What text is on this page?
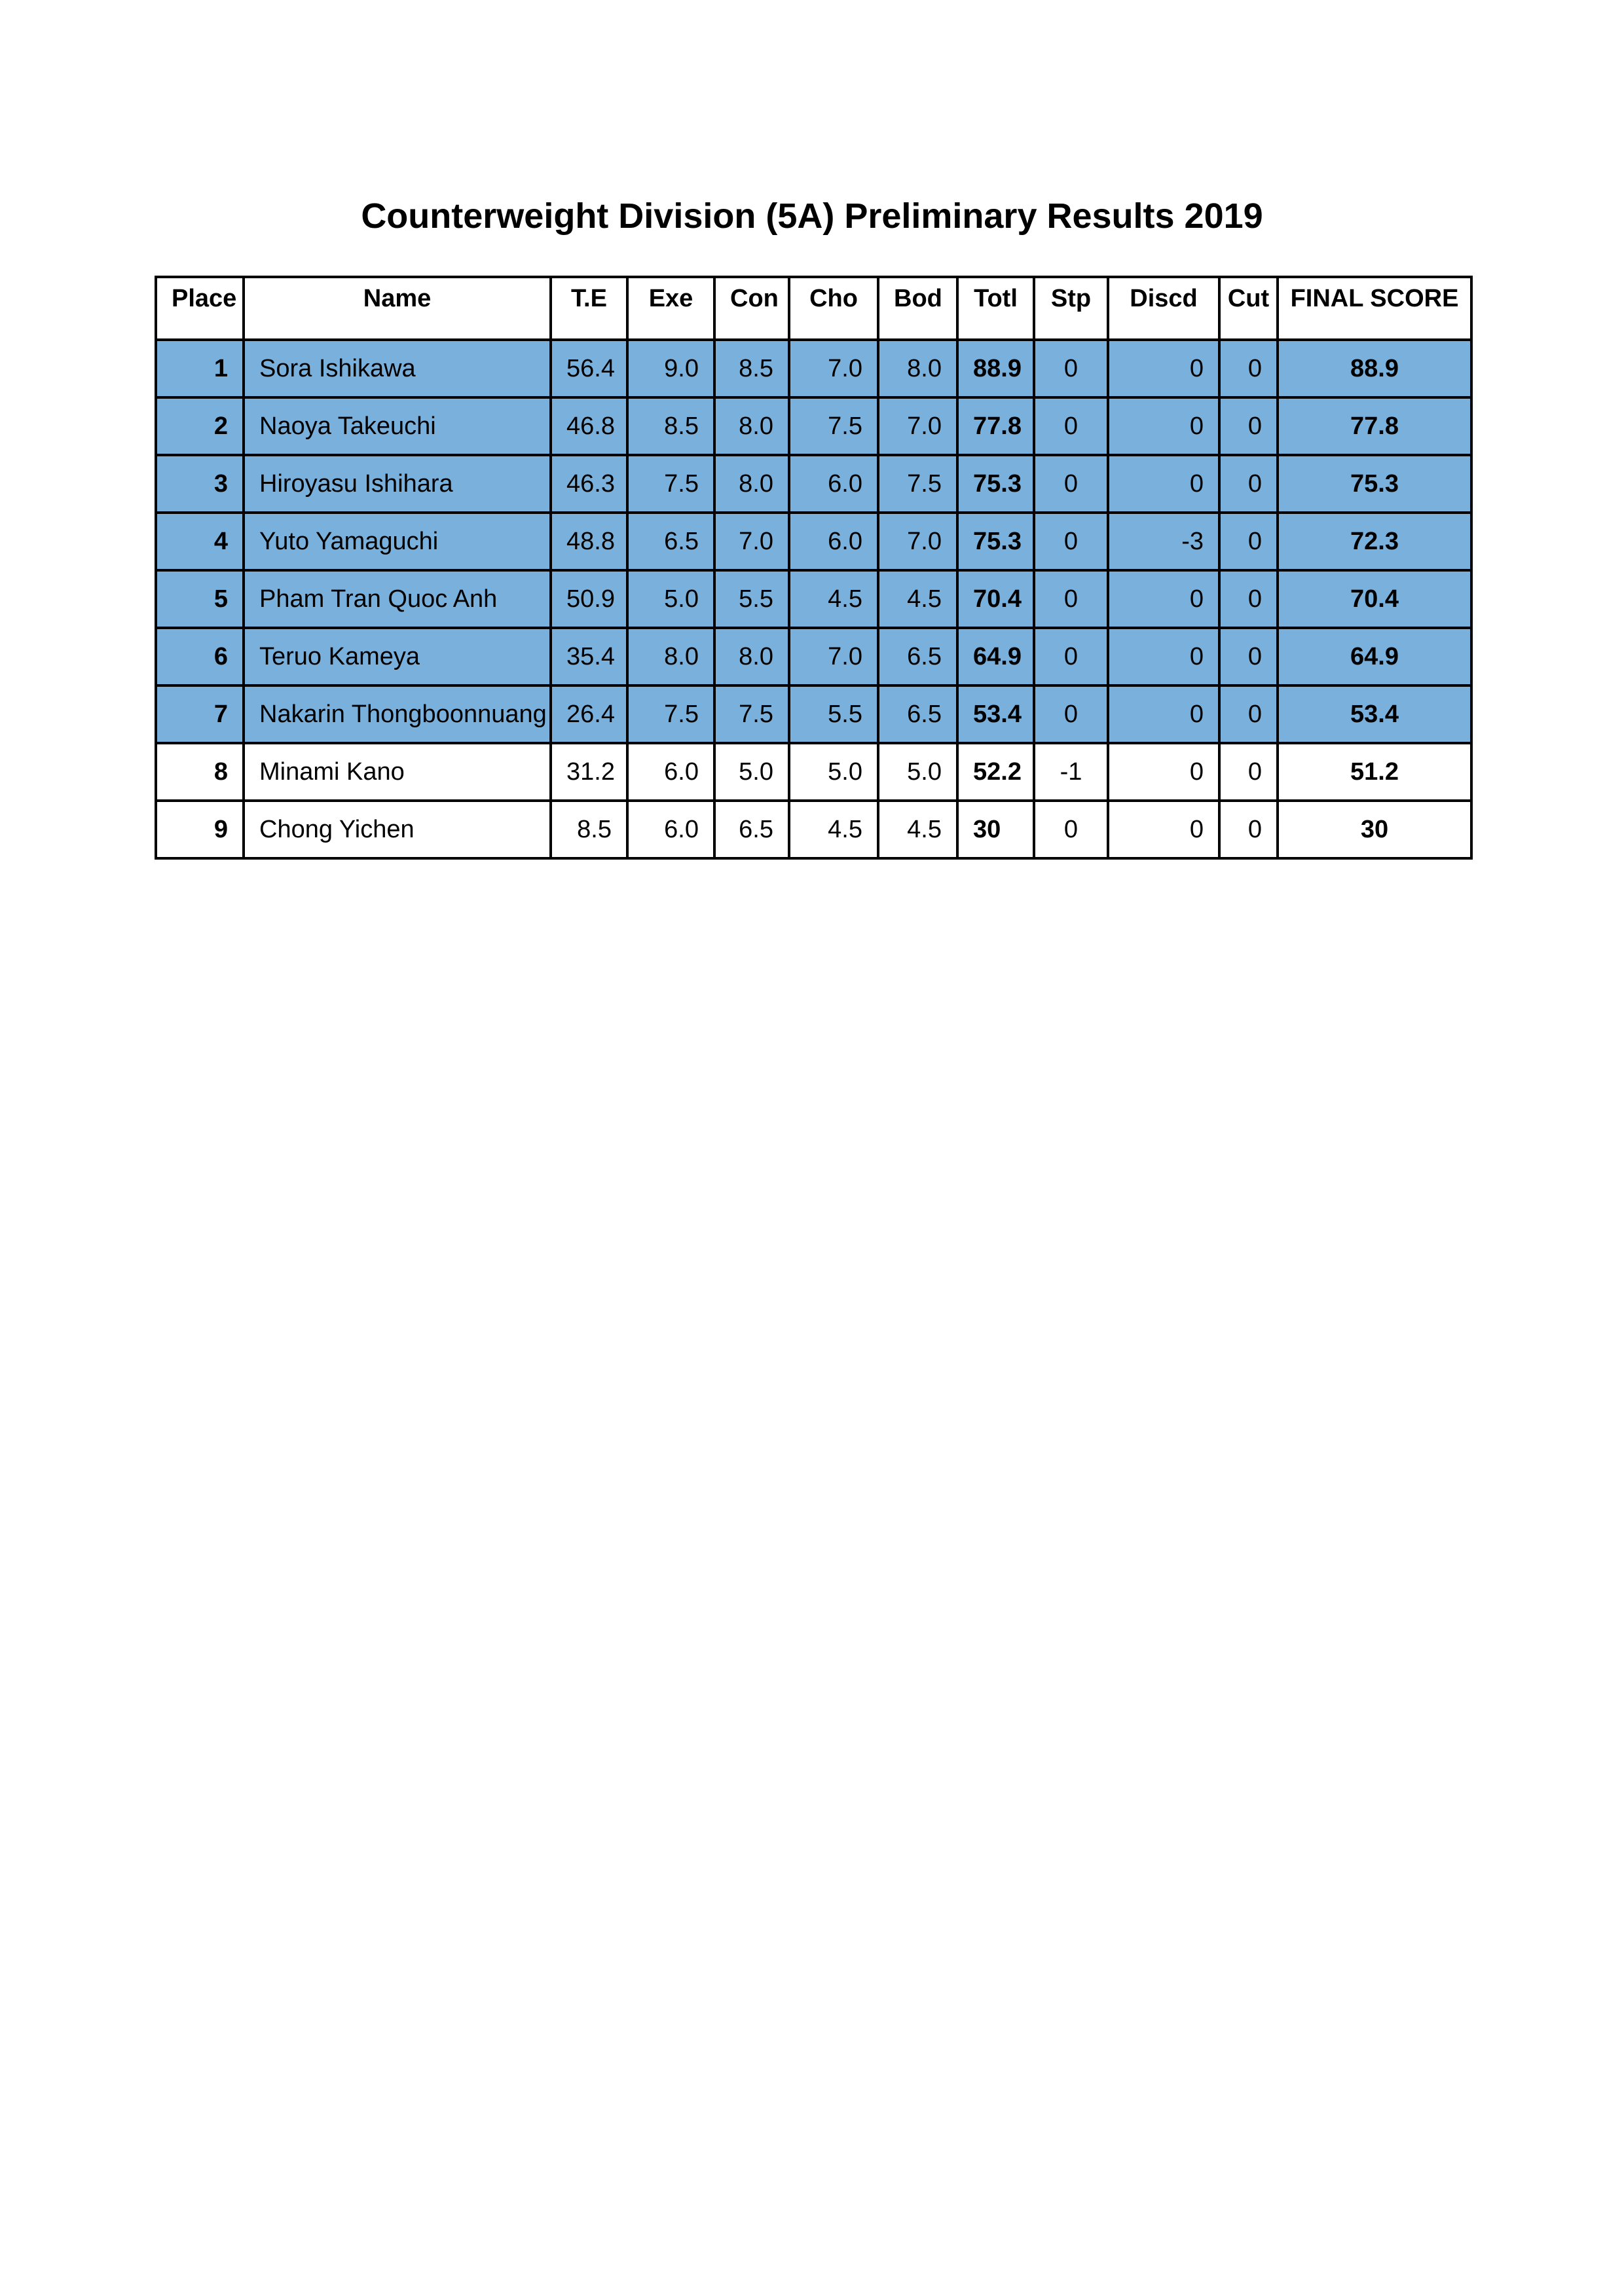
Counterweight Division (5A) Preliminary Results 2019
Place	Name	T.E	Exe	Con	Cho	Bod	Totl	Stp	Discd	Cut	FINAL SCORE
1	Sora Ishikawa	56.4	9.0	8.5	7.0	8.0	88.9	0	0	0	88.9
2	Naoya Takeuchi	46.8	8.5	8.0	7.5	7.0	77.8	0	0	0	77.8
3	Hiroyasu Ishihara	46.3	7.5	8.0	6.0	7.5	75.3	0	0	0	75.3
4	Yuto Yamaguchi	48.8	6.5	7.0	6.0	7.0	75.3	0	-3	0	72.3
5	Pham Tran Quoc Anh	50.9	5.0	5.5	4.5	4.5	70.4	0	0	0	70.4
6	Teruo Kameya	35.4	8.0	8.0	7.0	6.5	64.9	0	0	0	64.9
7	Nakarin Thongboonnuang	26.4	7.5	7.5	5.5	6.5	53.4	0	0	0	53.4
8	Minami Kano	31.2	6.0	5.0	5.0	5.0	52.2	-1	0	0	51.2
9	Chong Yichen	8.5	6.0	6.5	4.5	4.5	30	0	0	0	30
